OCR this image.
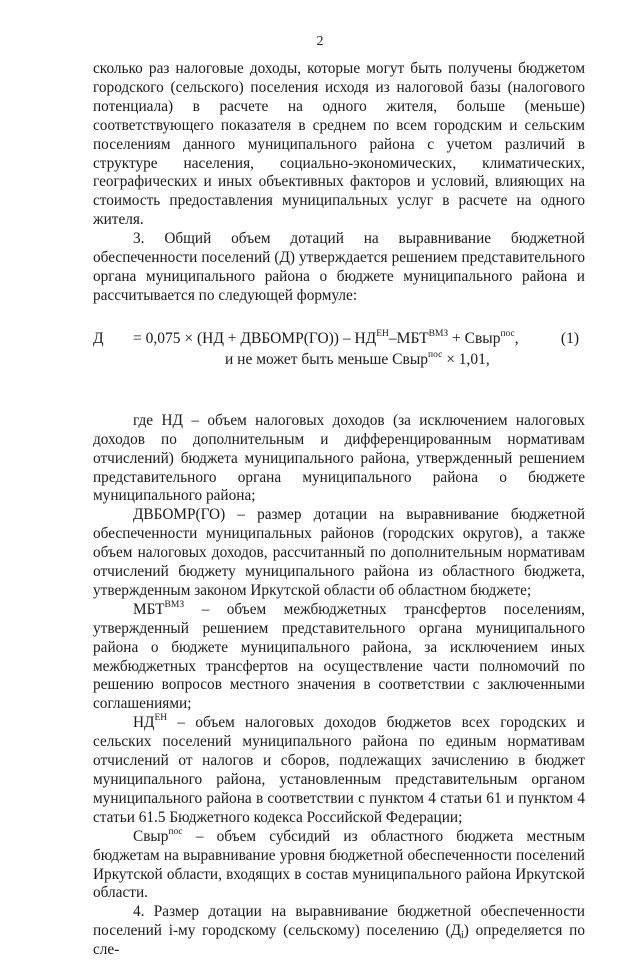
2

сколько раз налоговые доходы, которые могут быть получены бюджетом городского (сельского) поселения исходя из налоговой базы (налогового потенциала) в расчете на одного жителя, больше (меньше) соответствующего показателя в среднем по всем городским и сельским поселениям данного муниципального района с учетом различий в структуре населения, социально-экономических, климатических, географических и иных объективных факторов и условий, влияющих на стоимость предоставления муниципальных услуг в расчете на одного жителя.

3. Общий объем дотаций на выравнивание бюджетной обеспеченности поселений (Д) утверждается решением представительного органа муниципального района о бюджете муниципального района и рассчитывается по следующей формуле:

Д = 0,075 × (НД + ДВБОМР(ГО)) – $НД^{ЕН}-МБТ^{ВМЗ}$ + Свыр$^{пос}$,	(1)
и не может быть меньше Свыр$^{пос}$ × 1,01,

где НД – объем налоговых доходов (за исключением налоговых доходов по дополнительным и дифференцированным нормативам отчислений) бюджета муниципального района, утвержденный решением представительного органа муниципального района о бюджете муниципального района;

ДВБОМР(ГО) – размер дотации на выравнивание бюджетной обеспеченности муниципальных районов (городских округов), а также объем налоговых доходов, рассчитанный по дополнительным нормативам отчислений бюджету муниципального района из областного бюджета, утвержденным законом Иркутской области об областном бюджете;

$МБТ^{ВМЗ}$ – объем межбюджетных трансфертов поселениям, утвержденный решением представительного органа муниципального района о бюджете муниципального района, за исключением иных межбюджетных трансфертов на осуществление части полномочий по решению вопросов местного значения в соответствии с заключенными соглашениями;

$НД^{ЕН}$ – объем налоговых доходов бюджетов всех городских и сельских поселений муниципального района по единым нормативам отчислений от налогов и сборов, подлежащих зачислению в бюджет муниципального района, установленным представительным органом муниципального района в соответствии с пунктом 4 статьи 61 и пунктом 4 статьи 61.5 Бюджетного кодекса Российской Федерации;

Свыр$^{пос}$ – объем субсидий из областного бюджета местным бюджетам на выравнивание уровня бюджетной обеспеченности поселений Иркутской области, входящих в состав муниципального района Иркутской области.

4. Размер дотации на выравнивание бюджетной обеспеченности поселений i-му городскому (сельскому) поселению $(Д_i)$ определяется по сле-
